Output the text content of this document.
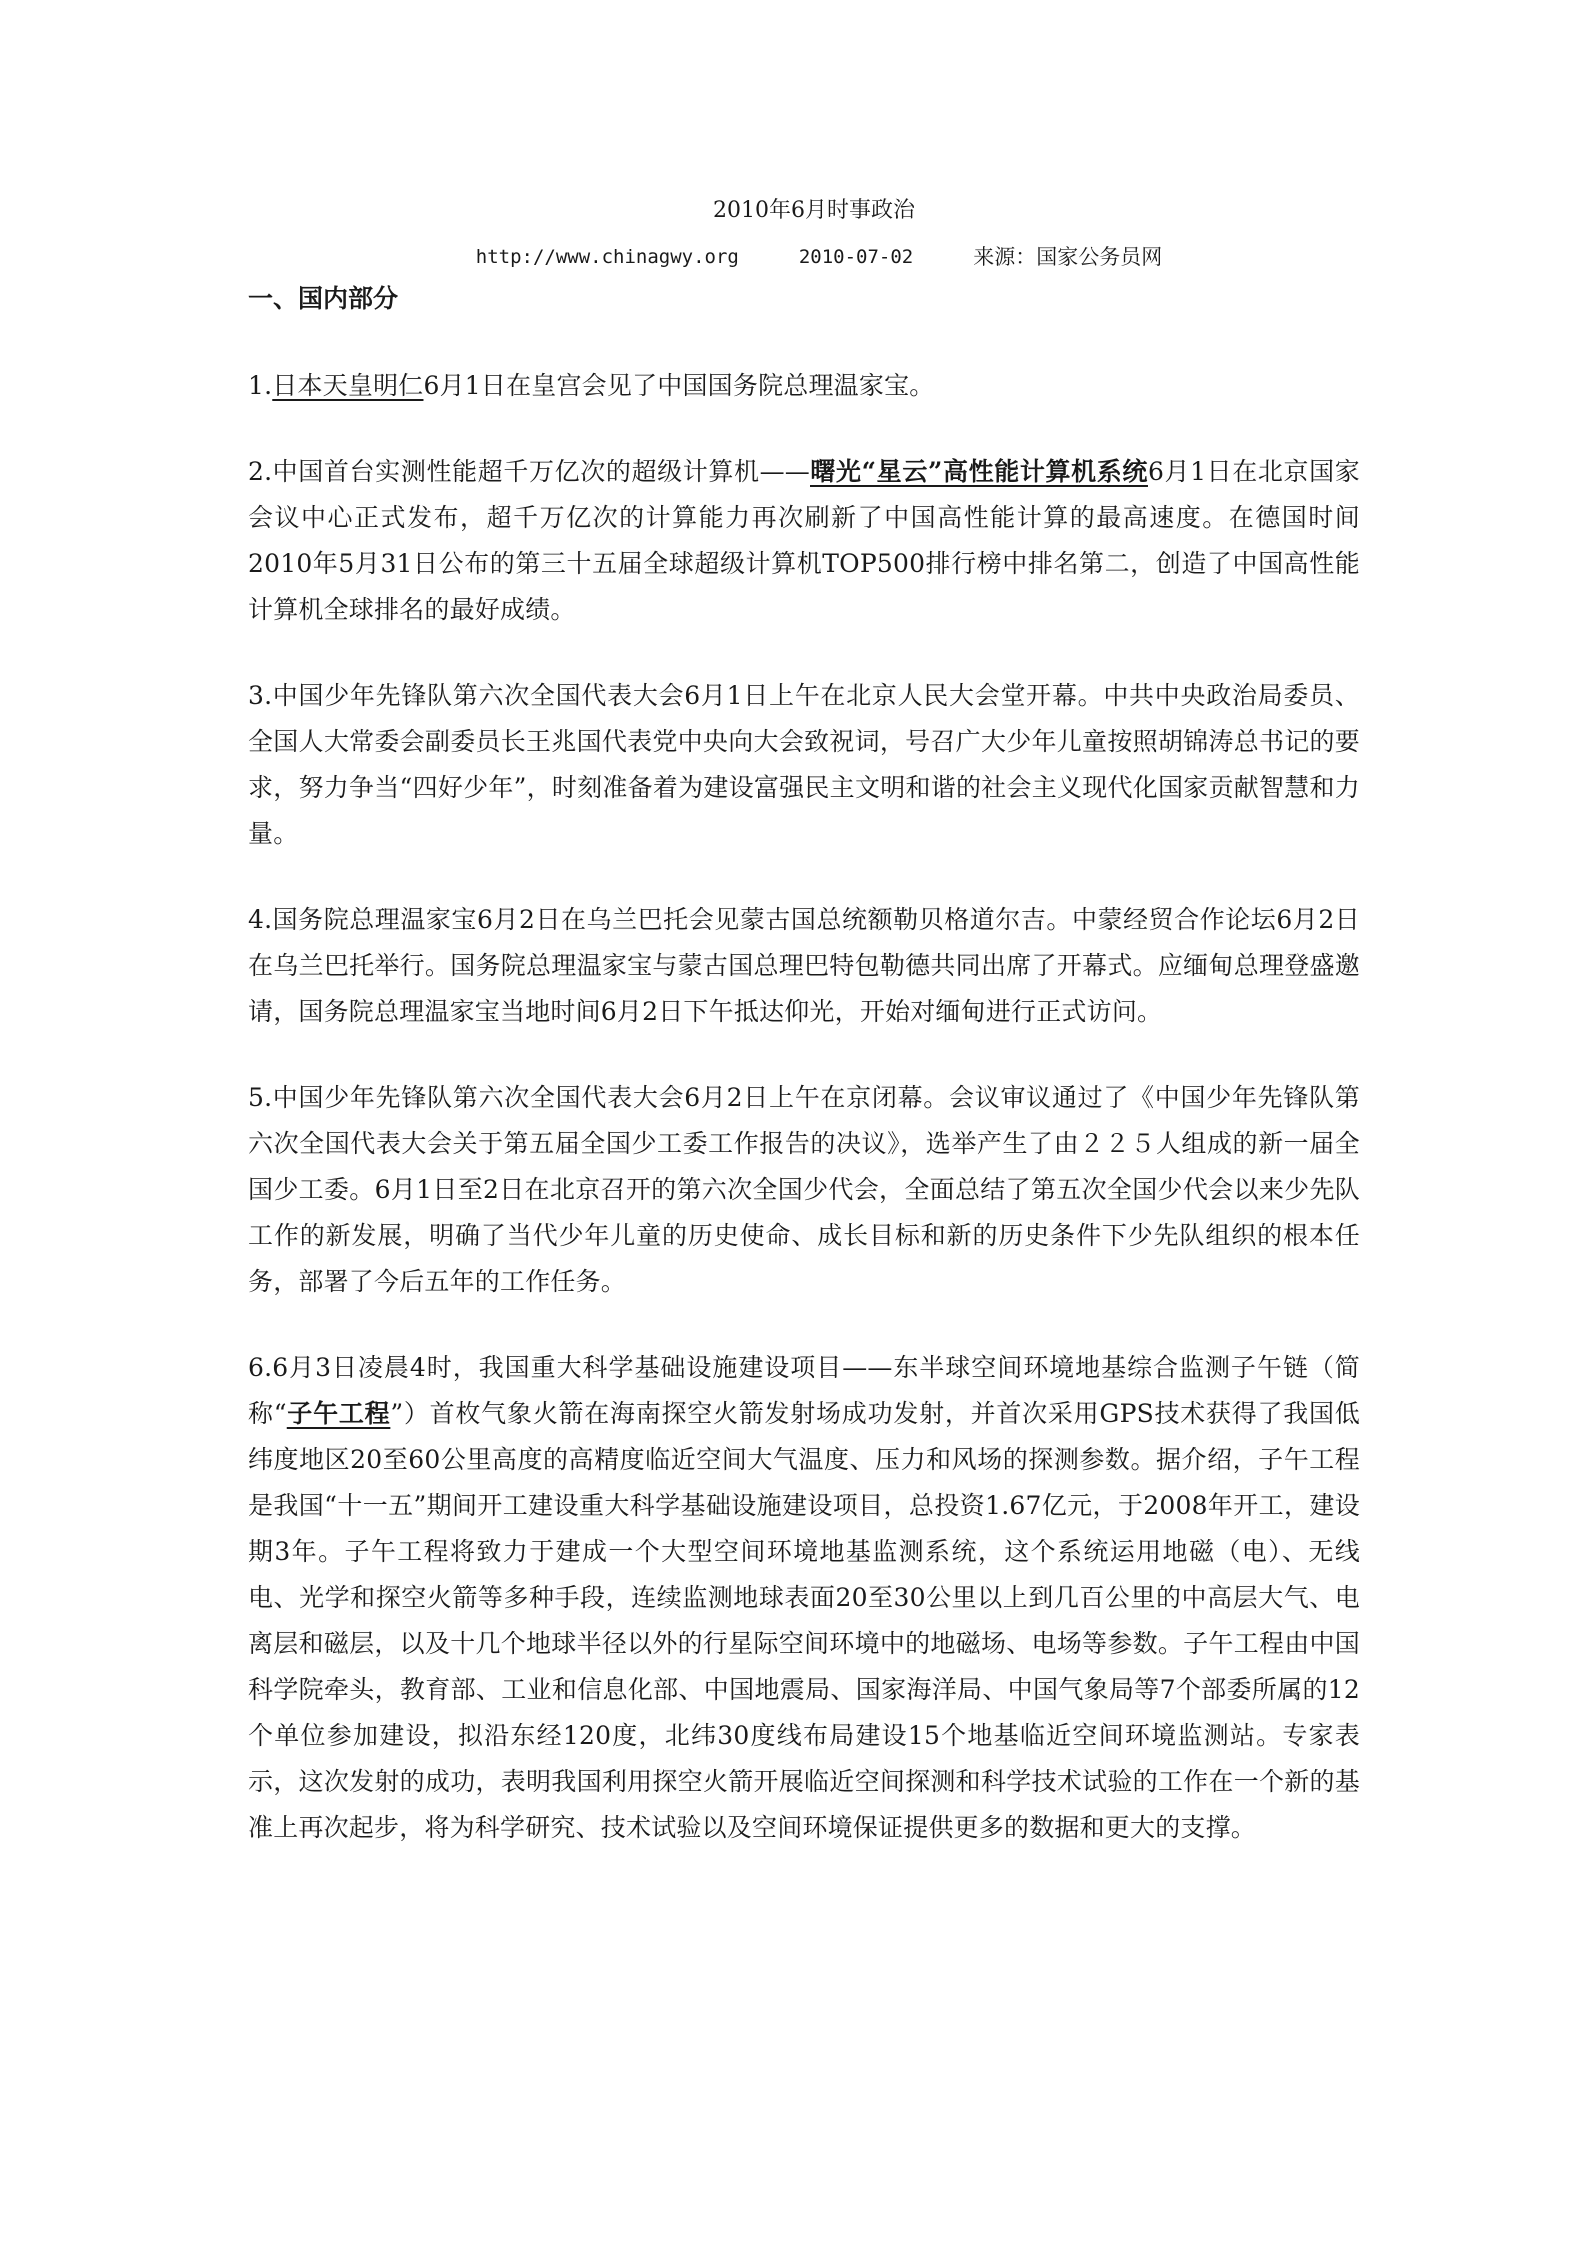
2010年6月时事政治
http://www.chinagwy.org	2010-07-02	来源：国家公务员网
一、国内部分

1.日本天皇明仁6月1日在皇宫会见了中国国务院总理温家宝。

2.中国首台实测性能超千万亿次的超级计算机——曙光“星云”高性能计算机系统6月1日在北京国家会议中心正式发布，超千万亿次的计算能力再次刷新了中国高性能计算的最高速度。在德国时间2010年5月31日公布的第三十五届全球超级计算机TOP500排行榜中排名第二，创造了中国高性能计算机全球排名的最好成绩。

3.中国少年先锋队第六次全国代表大会6月1日上午在北京人民大会堂开幕。中共中央政治局委员、全国人大常委会副委员长王兆国代表党中央向大会致祝词，号召广大少年儿童按照胡锦涛总书记的要求，努力争当“四好少年”，时刻准备着为建设富强民主文明和谐的社会主义现代化国家贡献智慧和力量。

4.国务院总理温家宝6月2日在乌兰巴托会见蒙古国总统额勒贝格道尔吉。中蒙经贸合作论坛6月2日在乌兰巴托举行。国务院总理温家宝与蒙古国总理巴特包勒德共同出席了开幕式。应缅甸总理登盛邀请，国务院总理温家宝当地时间6月2日下午抵达仰光，开始对缅甸进行正式访问。

5.中国少年先锋队第六次全国代表大会6月2日上午在京闭幕。会议审议通过了《中国少年先锋队第六次全国代表大会关于第五届全国少工委工作报告的决议》，选举产生了由２２５人组成的新一届全国少工委。6月1日至2日在北京召开的第六次全国少代会，全面总结了第五次全国少代会以来少先队工作的新发展，明确了当代少年儿童的历史使命、成长目标和新的历史条件下少先队组织的根本任务，部署了今后五年的工作任务。

6.6月3日凌晨4时，我国重大科学基础设施建设项目——东半球空间环境地基综合监测子午链（简称“子午工程”）首枚气象火箭在海南探空火箭发射场成功发射，并首次采用GPS技术获得了我国低纬度地区20至60公里高度的高精度临近空间大气温度、压力和风场的探测参数。据介绍，子午工程是我国“十一五”期间开工建设重大科学基础设施建设项目，总投资1.67亿元，于2008年开工，建设期3年。子午工程将致力于建成一个大型空间环境地基监测系统，这个系统运用地磁（电）、无线电、光学和探空火箭等多种手段，连续监测地球表面20至30公里以上到几百公里的中高层大气、电离层和磁层，以及十几个地球半径以外的行星际空间环境中的地磁场、电场等参数。子午工程由中国科学院牵头，教育部、工业和信息化部、中国地震局、国家海洋局、中国气象局等7个部委所属的12个单位参加建设，拟沿东经120度，北纬30度线布局建设15个地基临近空间环境监测站。专家表示，这次发射的成功，表明我国利用探空火箭开展临近空间探测和科学技术试验的工作在一个新的基准上再次起步，将为科学研究、技术试验以及空间环境保证提供更多的数据和更大的支撑。
